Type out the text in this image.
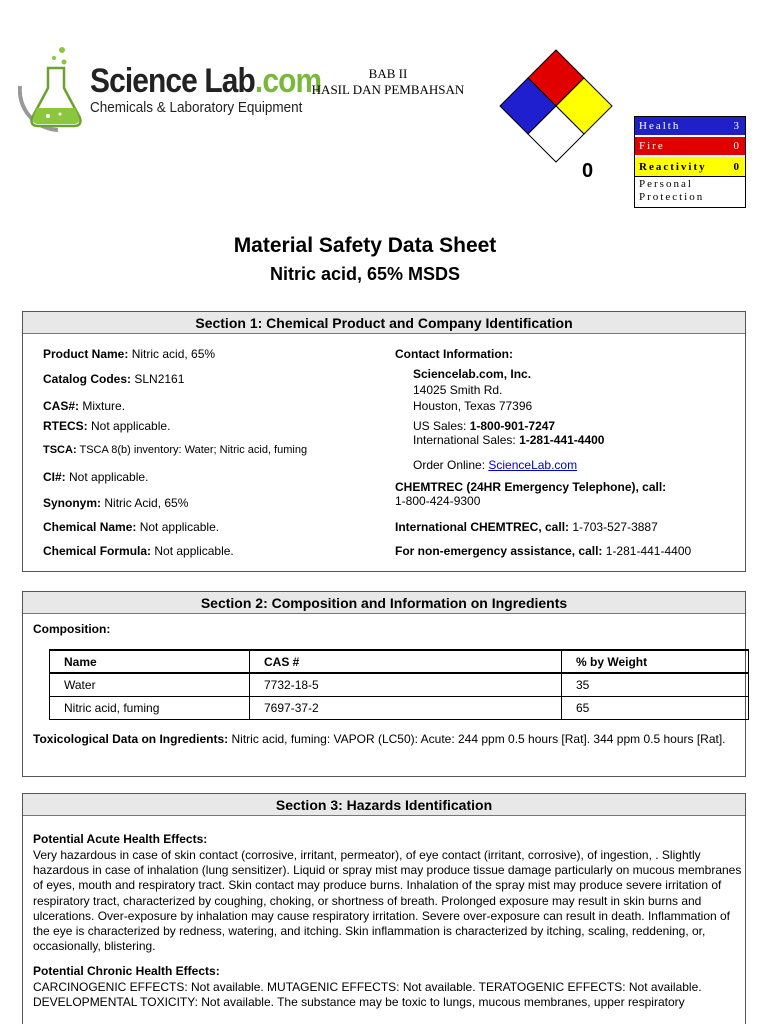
Science Lab.com
Chemicals & Laboratory Equipment
BAB II
HASIL DAN PEMBAHSAN
0
Health	3
Fire	0
Reactivity 0
Personal
Protection
Material Safety Data Sheet
Nitric acid, 65% MSDS
Section 1: Chemical Product and Company Identification
Product Name: Nitric acid, 65%
Catalog Codes: SLN2161
CAS#: Mixture.
RTECS: Not applicable.
TSCA: TSCA 8(b) inventory: Water; Nitric acid, fuming
CI#: Not applicable.
Synonym: Nitric Acid, 65%
Chemical Name: Not applicable.
Chemical Formula: Not applicable.
Contact Information:
Sciencelab.com, Inc.
14025 Smith Rd.
Houston, Texas 77396
US Sales: 1-800-901-7247
International Sales: 1-281-441-4400
Order Online: ScienceLab.com
CHEMTREC (24HR Emergency Telephone), call:
1-800-424-9300
International CHEMTREC, call: 1-703-527-3887
For non-emergency assistance, call: 1-281-441-4400
Section 2: Composition and Information on Ingredients
Composition:
Name	CAS #	% by Weight
Water	7732-18-5	35
Nitric acid, fuming	7697-37-2	65
Toxicological Data on Ingredients: Nitric acid, fuming: VAPOR (LC50): Acute: 244 ppm 0.5 hours [Rat]. 344 ppm 0.5 hours [Rat].
Section 3: Hazards Identification
Potential Acute Health Effects:
Very hazardous in case of skin contact (corrosive, irritant, permeator), of eye contact (irritant, corrosive), of ingestion, . Slightly hazardous in case of inhalation (lung sensitizer). Liquid or spray mist may produce tissue damage particularly on mucous membranes of eyes, mouth and respiratory tract. Skin contact may produce burns. Inhalation of the spray mist may produce severe irritation of respiratory tract, characterized by coughing, choking, or shortness of breath. Prolonged exposure may result in skin burns and ulcerations. Over-exposure by inhalation may cause respiratory irritation. Severe over-exposure can result in death. Inflammation of the eye is characterized by redness, watering, and itching. Skin inflammation is characterized by itching, scaling, reddening, or, occasionally, blistering.
Potential Chronic Health Effects:
CARCINOGENIC EFFECTS: Not available. MUTAGENIC EFFECTS: Not available. TERATOGENIC EFFECTS: Not available. DEVELOPMENTAL TOXICITY: Not available. The substance may be toxic to lungs, mucous membranes, upper respiratory
